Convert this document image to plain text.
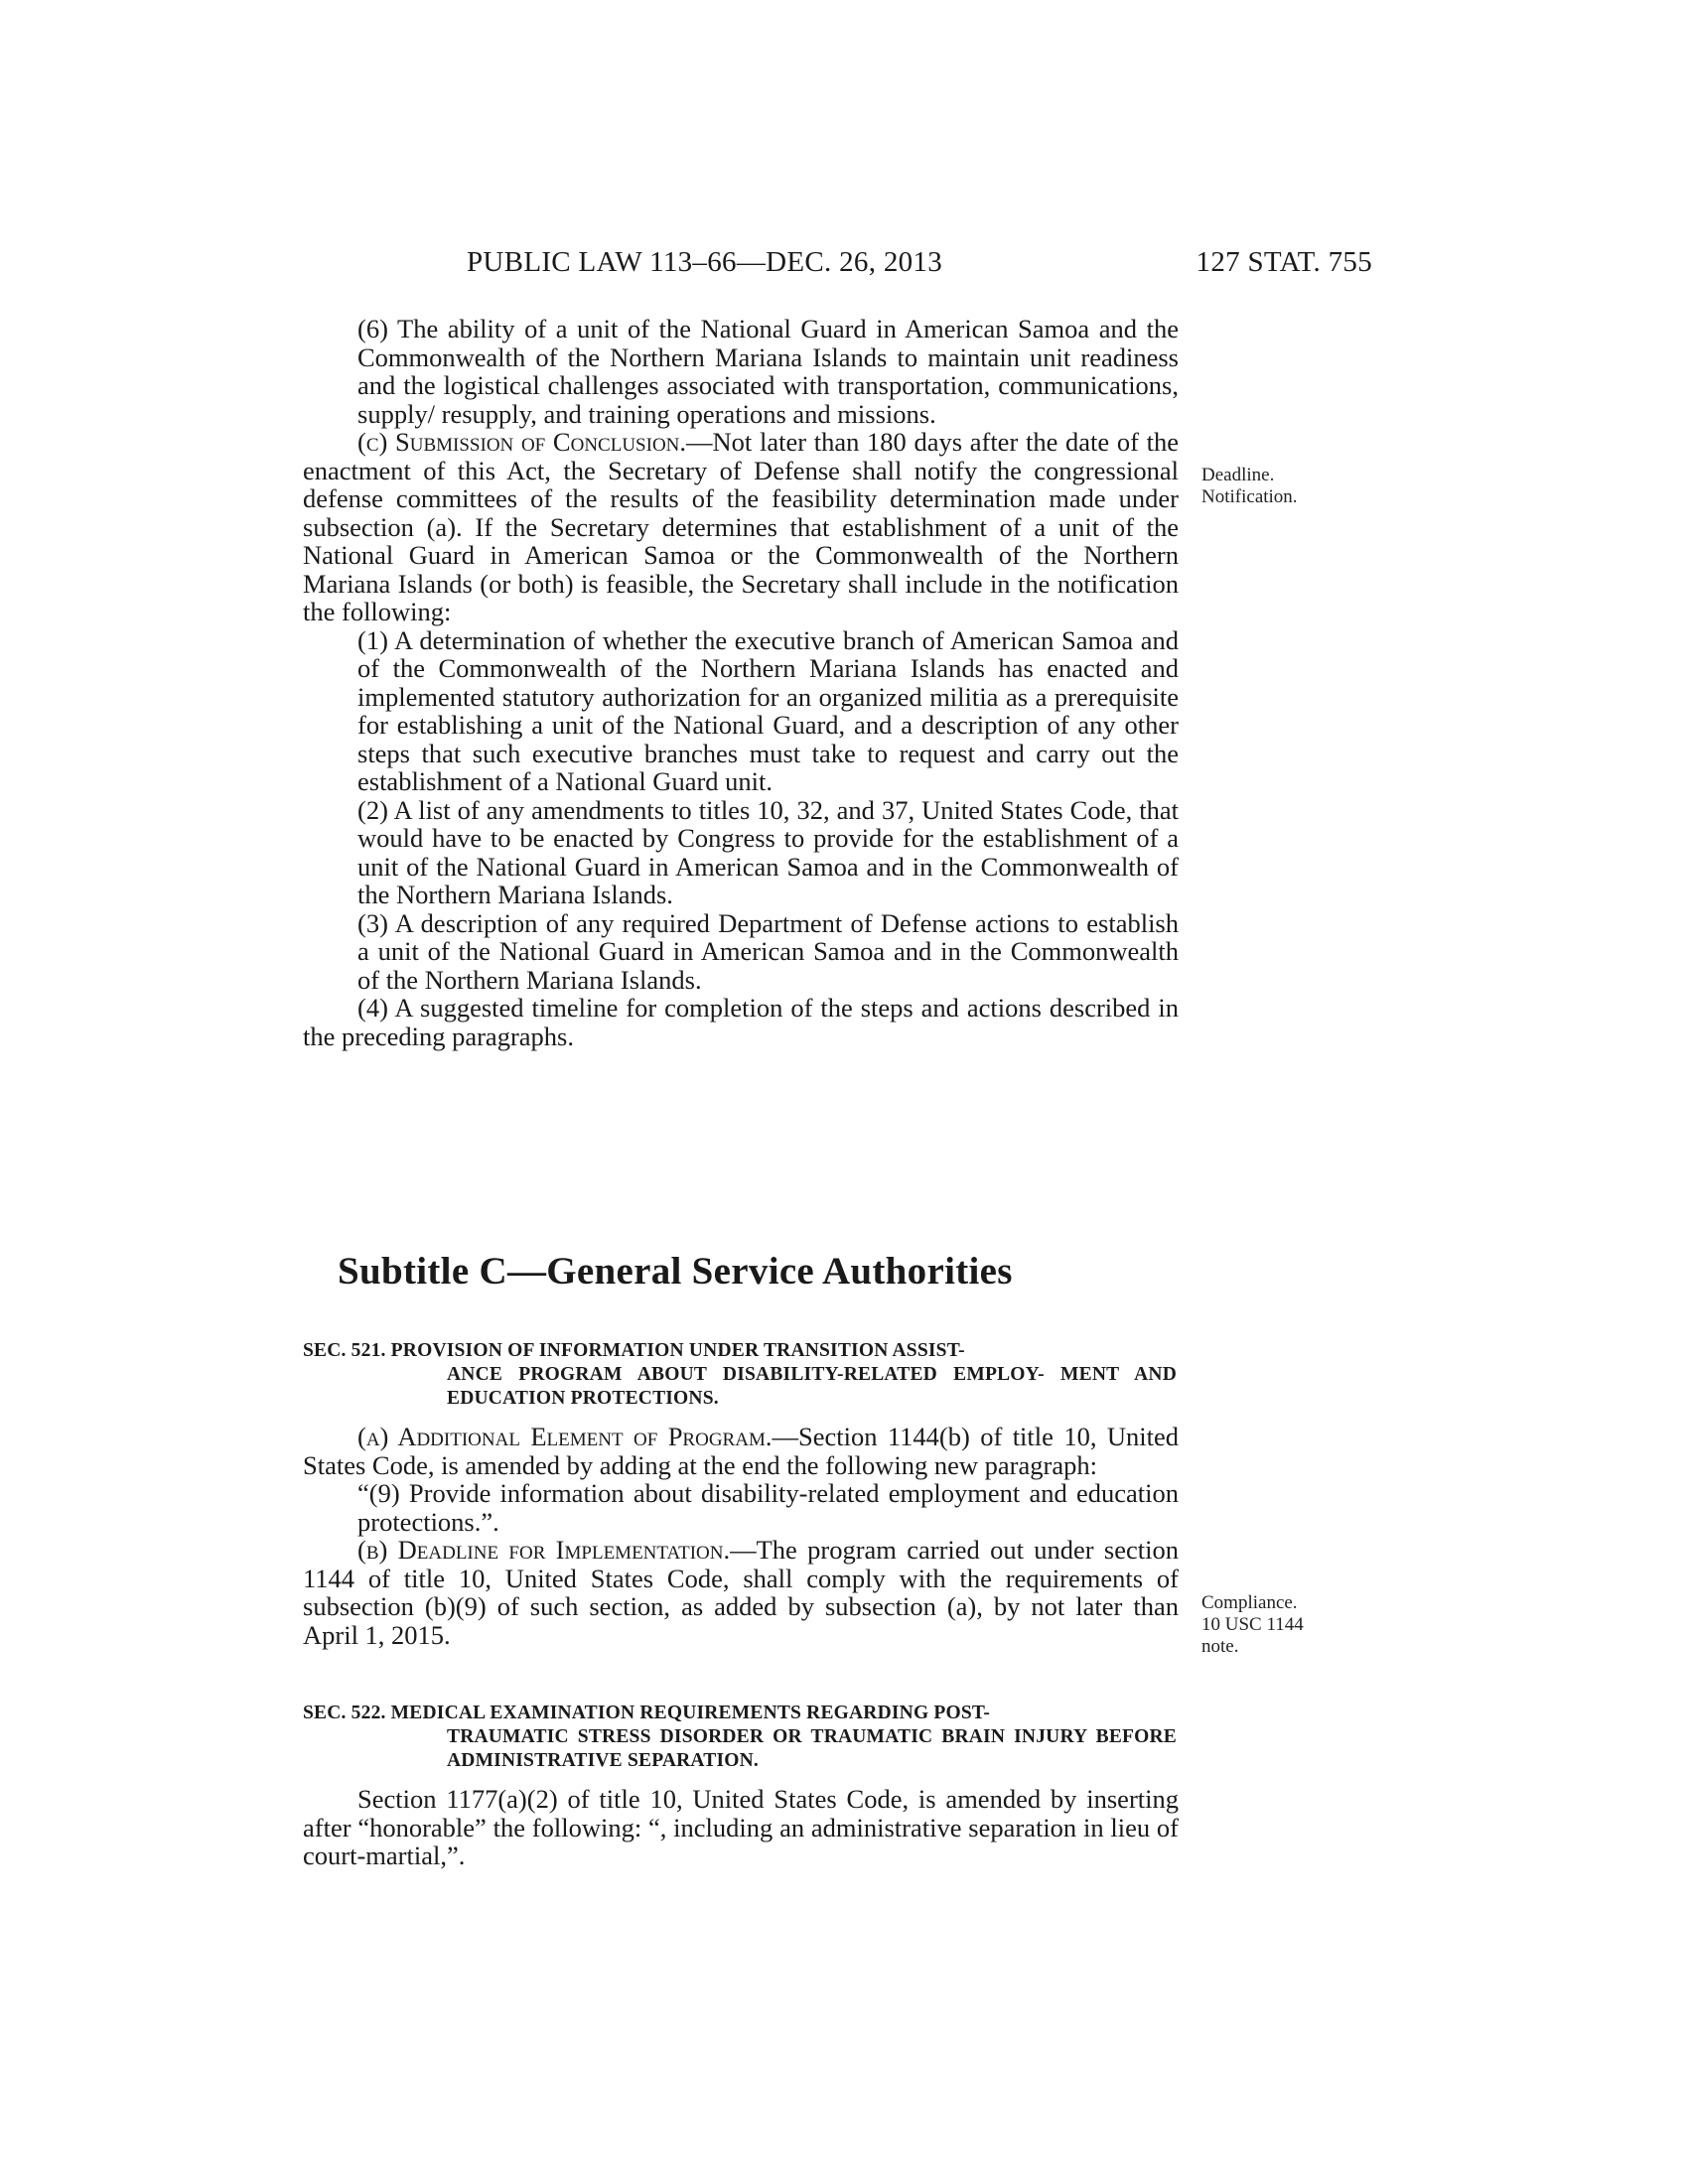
PUBLIC LAW 113–66—DEC. 26, 2013	127 STAT. 755

(6) The ability of a unit of the National Guard in American Samoa and the Commonwealth of the Northern Mariana Islands to maintain unit readiness and the logistical challenges associated with transportation, communications, supply/ resupply, and training operations and missions.

(c) Submission of Conclusion.—Not later than 180 days after the date of the enactment of this Act, the Secretary of Defense shall notify the congressional defense committees of the results of the feasibility determination made under subsection (a). If the Secretary determines that establishment of a unit of the National Guard in American Samoa or the Commonwealth of the Northern Mariana Islands (or both) is feasible, the Secretary shall include in the notification the following:

(1) A determination of whether the executive branch of American Samoa and of the Commonwealth of the Northern Mariana Islands has enacted and implemented statutory authorization for an organized militia as a prerequisite for establishing a unit of the National Guard, and a description of any other steps that such executive branches must take to request and carry out the establishment of a National Guard unit.

(2) A list of any amendments to titles 10, 32, and 37, United States Code, that would have to be enacted by Congress to provide for the establishment of a unit of the National Guard in American Samoa and in the Commonwealth of the Northern Mariana Islands.

(3) A description of any required Department of Defense actions to establish a unit of the National Guard in American Samoa and in the Commonwealth of the Northern Mariana Islands.

(4) A suggested timeline for completion of the steps and actions described in the preceding paragraphs.

Deadline.
Notification.
Compliance.
10 USC 1144
note.
Subtitle C—General Service Authorities
SEC. 521. PROVISION OF INFORMATION UNDER TRANSITION ASSIST-
ANCE PROGRAM ABOUT DISABILITY-RELATED EMPLOY- MENT AND EDUCATION PROTECTIONS.

(a) Additional Element of Program.—Section 1144(b) of title 10, United States Code, is amended by adding at the end the following new paragraph:

“(9) Provide information about disability-related employment and education protections.”.

(b) Deadline for Implementation.—The program carried out under section 1144 of title 10, United States Code, shall comply with the requirements of subsection (b)(9) of such section, as added by subsection (a), by not later than April 1, 2015.

SEC. 522. MEDICAL EXAMINATION REQUIREMENTS REGARDING POST-
TRAUMATIC STRESS DISORDER OR TRAUMATIC BRAIN INJURY BEFORE ADMINISTRATIVE SEPARATION.

Section 1177(a)(2) of title 10, United States Code, is amended by inserting after “honorable” the following: “, including an administrative separation in lieu of court-martial,”.
